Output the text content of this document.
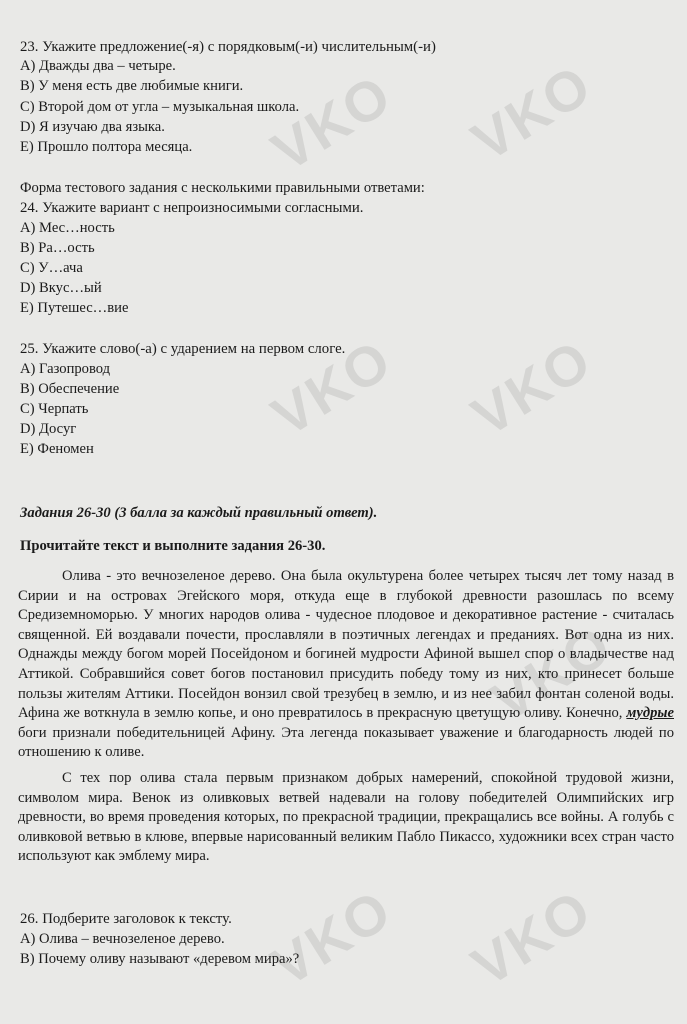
VKO VKO
VKO VKO
VKO
VKO VKO
23. Укажите предложение(-я) с порядковым(-и) числительным(-и)
А) Дважды два – четыре.
В) У меня есть две любимые книги.
С) Второй дом от угла – музыкальная школа.
D) Я изучаю два языка.
Е) Прошло полтора месяца.
Форма тестового задания с несколькими правильными ответами:
24. Укажите вариант с непроизносимыми согласными.
А) Мес…ность
В) Ра…ость
С) У…ача
D) Вкус…ый
Е) Путешес…вие
25. Укажите слово(-а) с ударением на первом слоге.
А) Газопровод
В) Обеспечение
С) Черпать
D) Досуг
Е) Феномен
Задания 26-30 (3 балла за каждый правильный ответ).
Прочитайте текст и выполните задания 26-30.

Олива - это вечнозеленое дерево. Она была окультурена более четырех тысяч лет тому назад в Сирии и на островах Эгейского моря, откуда еще в глубокой древности разошлась по всему Средиземноморью. У многих народов олива - чудесное плодовое и декоративное растение - считалась священной. Ей воздавали почести, прославляли в поэтичных легендах и преданиях. Вот одна из них. Однажды между богом морей Посейдоном и богиней мудрости Афиной вышел спор о владычестве над Аттикой. Собравшийся совет богов постановил присудить победу тому из них, кто принесет больше пользы жителям Аттики. Посейдон вонзил свой трезубец в землю, и из нее забил фонтан соленой воды. Афина же воткнула в землю копье, и оно превратилось в прекрасную цветущую оливу. Конечно, мудрые боги признали победительницей Афину. Эта легенда показывает уважение и благодарность людей по отношению к оливе.

С тех пор олива стала первым признаком добрых намерений, спокойной трудовой жизни, символом мира. Венок из оливковых ветвей надевали на голову победителей Олимпийских игр древности, во время проведения которых, по прекрасной традиции, прекращались все войны. А голубь с оливковой ветвью в клюве, впервые нарисованный великим Пабло Пикассо, художники всех стран часто используют как эмблему мира.

26. Подберите заголовок к тексту.
А) Олива – вечнозеленое дерево.
В) Почему оливу называют «деревом мира»?
